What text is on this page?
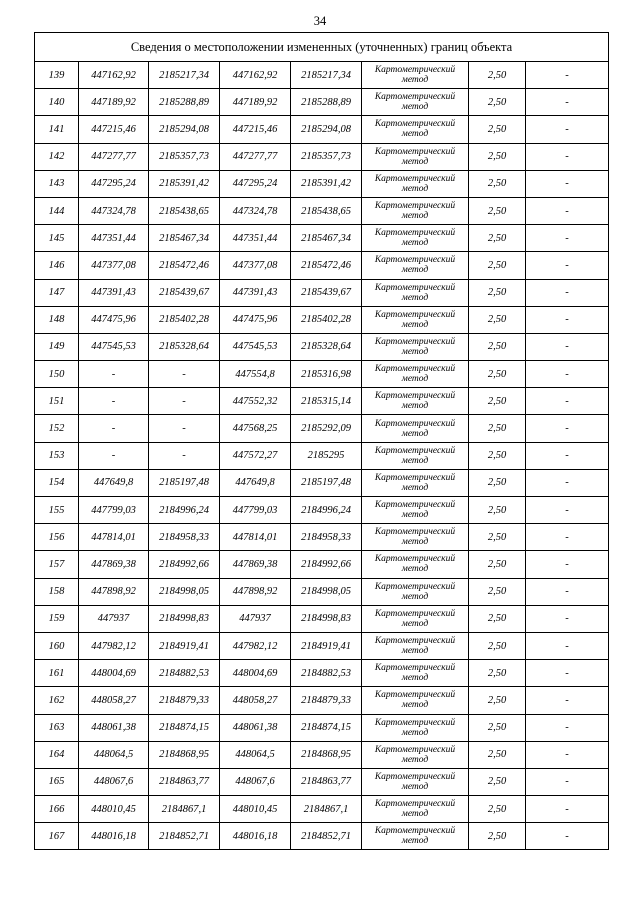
34
Сведения о местоположении измененных (уточненных) границ объекта							
139	447162,92	2185217,34	447162,92	2185217,34	Картометрический метод	2,50	-
140	447189,92	2185288,89	447189,92	2185288,89	Картометрический метод	2,50	-
141	447215,46	2185294,08	447215,46	2185294,08	Картометрический метод	2,50	-
142	447277,77	2185357,73	447277,77	2185357,73	Картометрический метод	2,50	-
143	447295,24	2185391,42	447295,24	2185391,42	Картометрический метод	2,50	-
144	447324,78	2185438,65	447324,78	2185438,65	Картометрический метод	2,50	-
145	447351,44	2185467,34	447351,44	2185467,34	Картометрический метод	2,50	-
146	447377,08	2185472,46	447377,08	2185472,46	Картометрический метод	2,50	-
147	447391,43	2185439,67	447391,43	2185439,67	Картометрический метод	2,50	-
148	447475,96	2185402,28	447475,96	2185402,28	Картометрический метод	2,50	-
149	447545,53	2185328,64	447545,53	2185328,64	Картометрический метод	2,50	-
150	-	-	447554,8	2185316,98	Картометрический метод	2,50	-
151	-	-	447552,32	2185315,14	Картометрический метод	2,50	-
152	-	-	447568,25	2185292,09	Картометрический метод	2,50	-
153	-	-	447572,27	2185295	Картометрический метод	2,50	-
154	447649,8	2185197,48	447649,8	2185197,48	Картометрический метод	2,50	-
155	447799,03	2184996,24	447799,03	2184996,24	Картометрический метод	2,50	-
156	447814,01	2184958,33	447814,01	2184958,33	Картометрический метод	2,50	-
157	447869,38	2184992,66	447869,38	2184992,66	Картометрический метод	2,50	-
158	447898,92	2184998,05	447898,92	2184998,05	Картометрический метод	2,50	-
159	447937	2184998,83	447937	2184998,83	Картометрический метод	2,50	-
160	447982,12	2184919,41	447982,12	2184919,41	Картометрический метод	2,50	-
161	448004,69	2184882,53	448004,69	2184882,53	Картометрический метод	2,50	-
162	448058,27	2184879,33	448058,27	2184879,33	Картометрический метод	2,50	-
163	448061,38	2184874,15	448061,38	2184874,15	Картометрический метод	2,50	-
164	448064,5	2184868,95	448064,5	2184868,95	Картометрический метод	2,50	-
165	448067,6	2184863,77	448067,6	2184863,77	Картометрический метод	2,50	-
166	448010,45	2184867,1	448010,45	2184867,1	Картометрический метод	2,50	-
167	448016,18	2184852,71	448016,18	2184852,71	Картометрический метод	2,50	-
